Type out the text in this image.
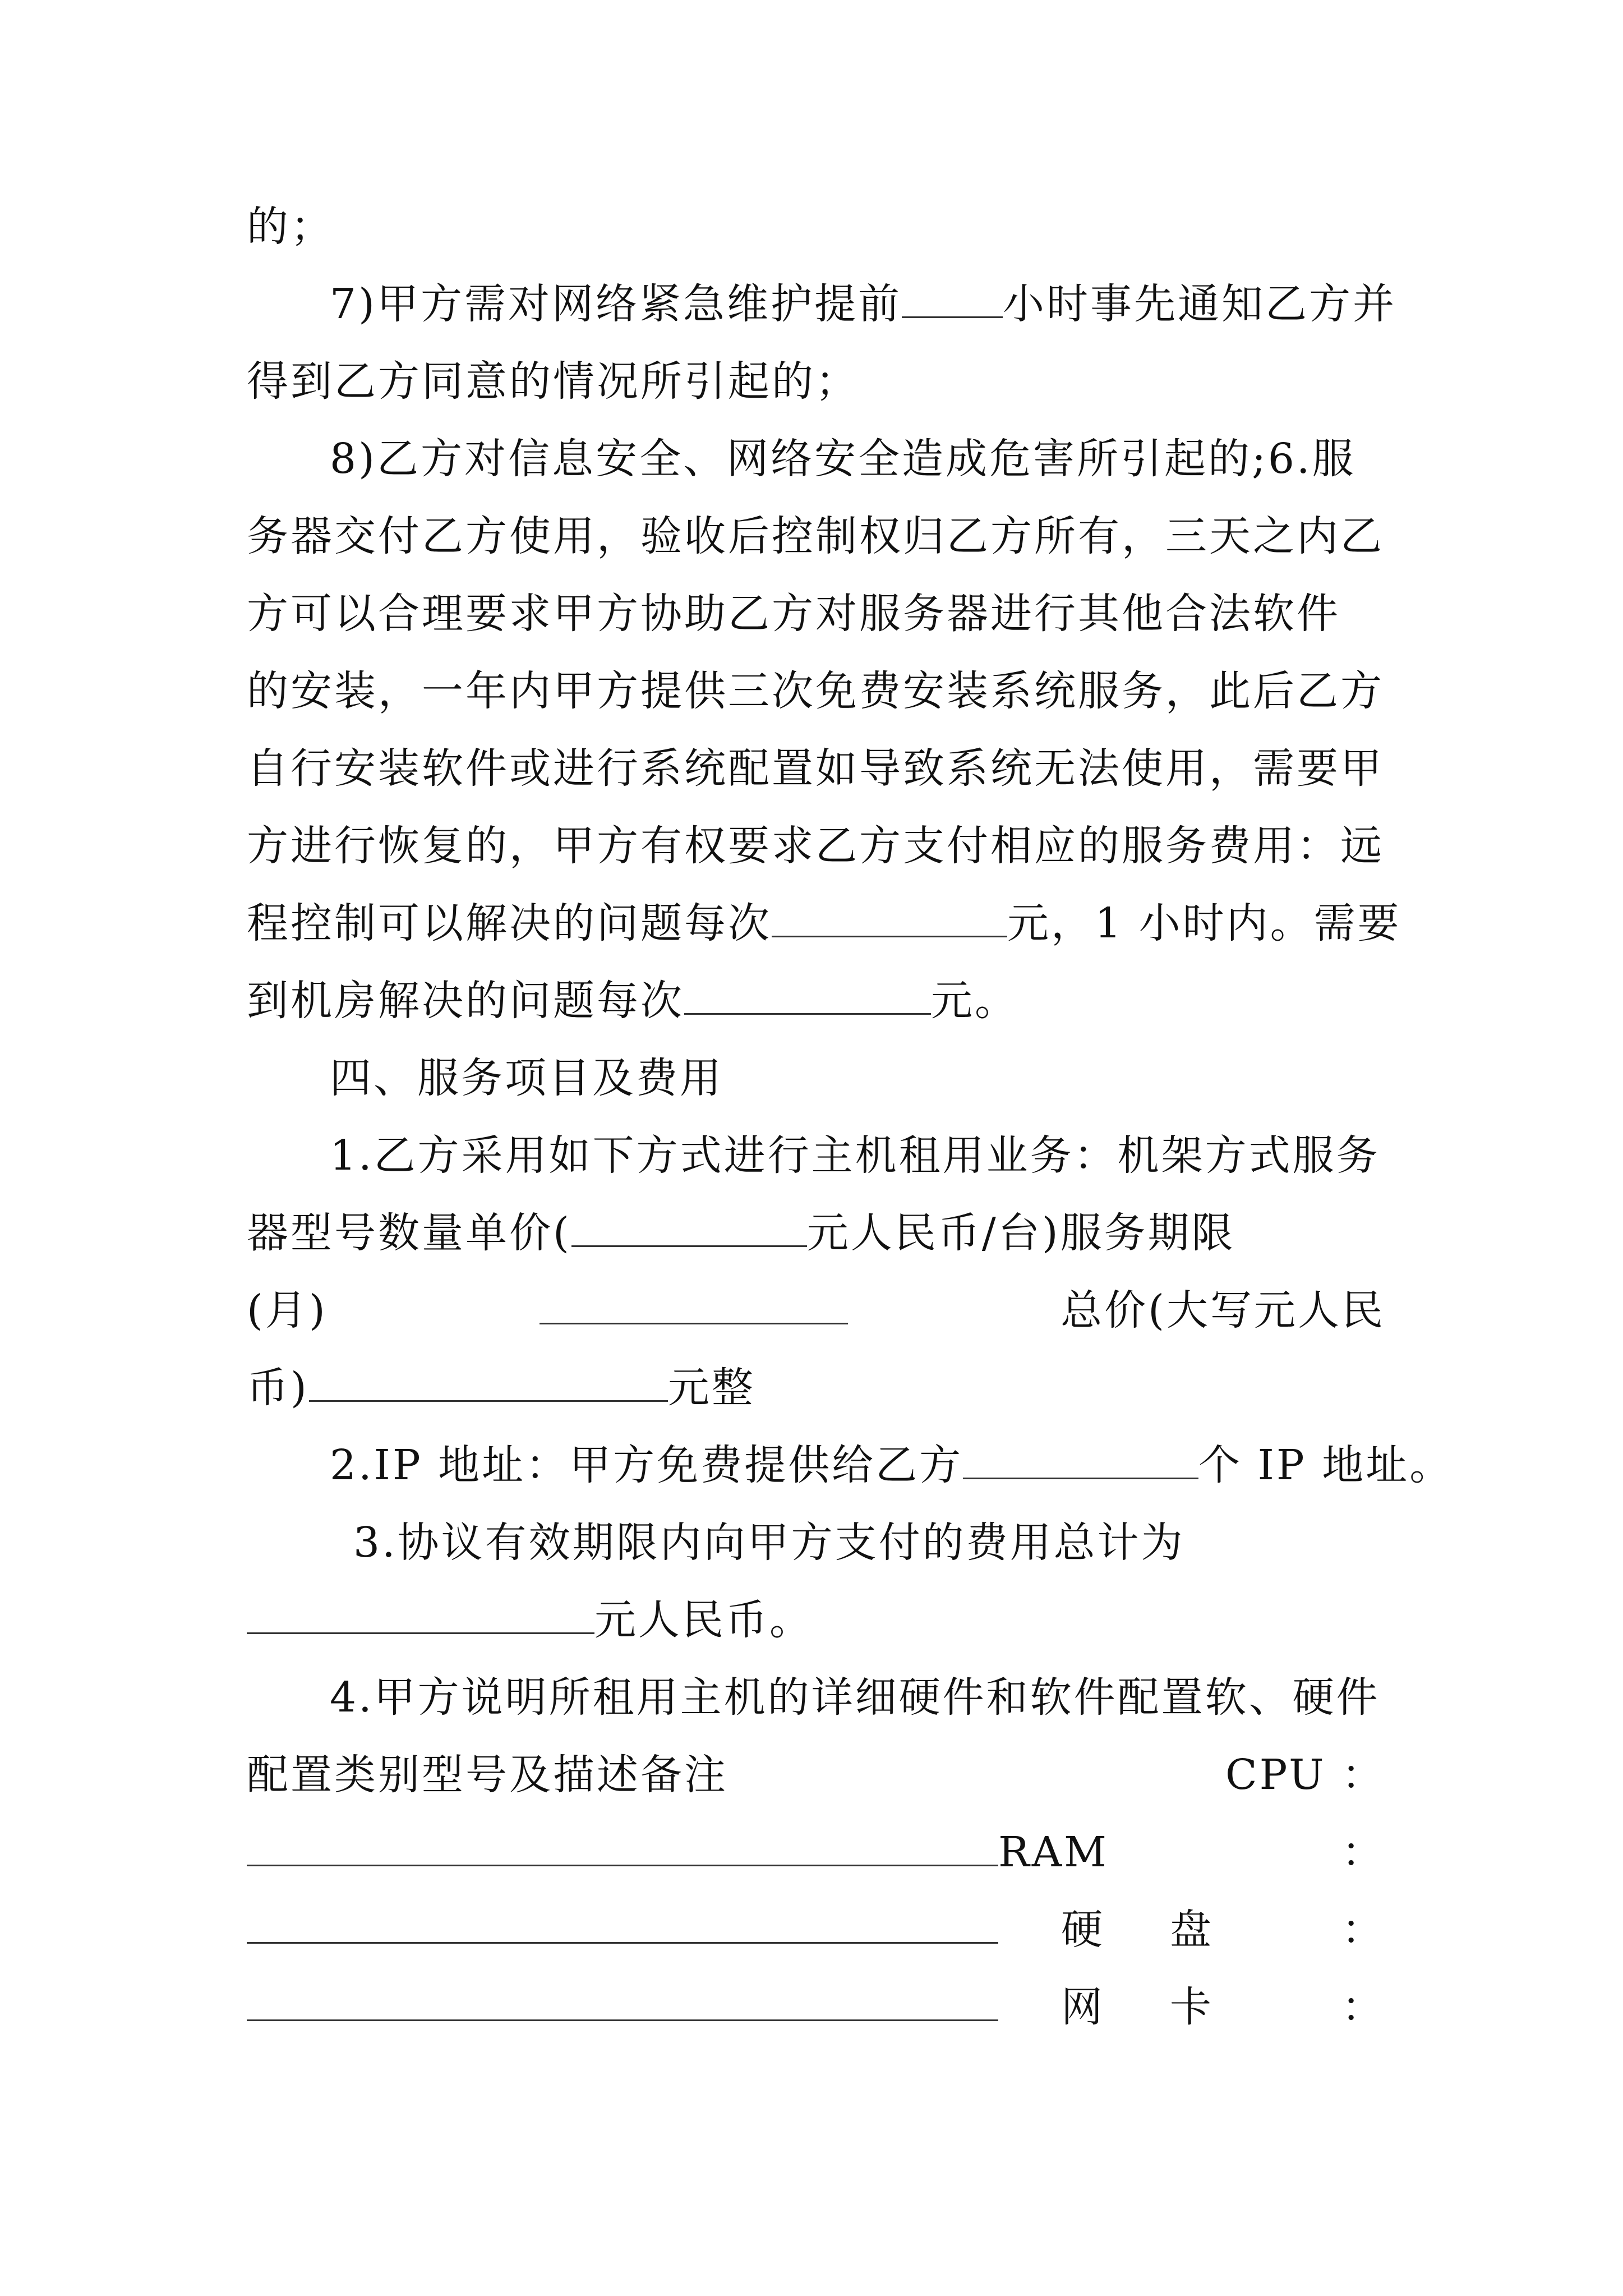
的；
7)甲方需对网络紧急维护提前 小时事先通知乙方并
得到乙方同意的情况所引起的；
8)乙方对信息安全、网络安全造成危害所引起的;6.服
务器交付乙方使用，验收后控制权归乙方所有，三天之内乙
方可以合理要求甲方协助乙方对服务器进行其他合法软件
的安装，一年内甲方提供三次免费安装系统服务，此后乙方
自行安装软件或进行系统配置如导致系统无法使用，需要甲
方进行恢复的，甲方有权要求乙方支付相应的服务费用：远
程控制可以解决的问题每次	元，1 小时内。需要
到机房解决的问题每次	元。
四、服务项目及费用
1.乙方采用如下方式进行主机租用业务：机架方式服务
器型号数量单价(	元人民币/台)服务期限
(月)	总价(大写元人民
币)	元整
2.IP 地址：甲方免费提供给乙方	个 IP 地址。
3.协议有效期限内向甲方支付的费用总计为
元人民币。
4.甲方说明所租用主机的详细硬件和软件配置软、硬件
配置类别型号及描述备注	CPU ：
RAM	：
硬盘 ：
网卡 ：
